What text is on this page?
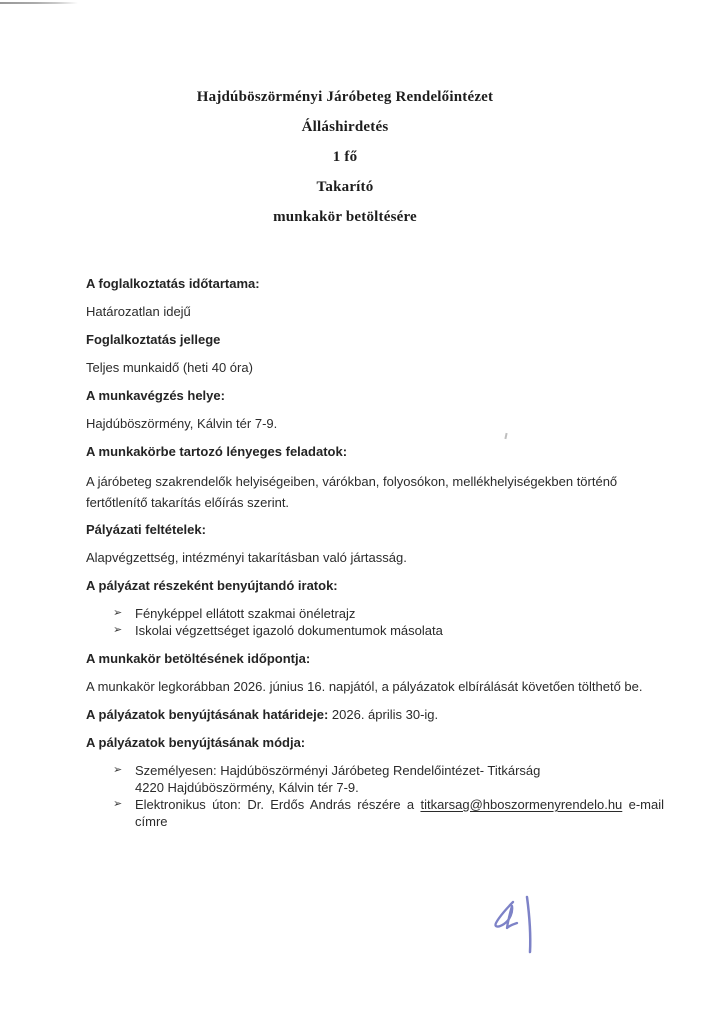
Hajdúböszörményi Járóbeteg Rendelőintézet

Álláshirdetés

1 fő

Takarító

munkakör betöltésére

A foglalkoztatás időtartama:

Határozatlan idejű

Foglalkoztatás jellege

Teljes munkaidő (heti 40 óra)

A munkavégzés helye:

Hajdúböszörmény, Kálvin tér 7-9.

A munkakörbe tartozó lényeges feladatok:

A járóbeteg szakrendelők helyiségeiben, várókban, folyosókon, mellékhelyiségekben történő fertőtlenítő takarítás előírás szerint.

Pályázati feltételek:

Alapvégzettség, intézményi takarításban való jártasság.

A pályázat részeként benyújtandó iratok:

➢ Fényképpel ellátott szakmai önéletrajz
➢ Iskolai végzettséget igazoló dokumentumok másolata

A munkakör betöltésének időpontja:

A munkakör legkorábban 2026. június 16. napjától, a pályázatok elbírálását követően tölthető be.

A pályázatok benyújtásának határideje: 2026. április 30-ig.

A pályázatok benyújtásának módja:

➢ Személyesen: Hajdúböszörményi Járóbeteg Rendelőintézet- Titkárság
4220 Hajdúböszörmény, Kálvin tér 7-9.
➢ Elektronikus úton: Dr. Erdős András részére a titkarsag@hboszormenyrendelo.hu e-mail címre
